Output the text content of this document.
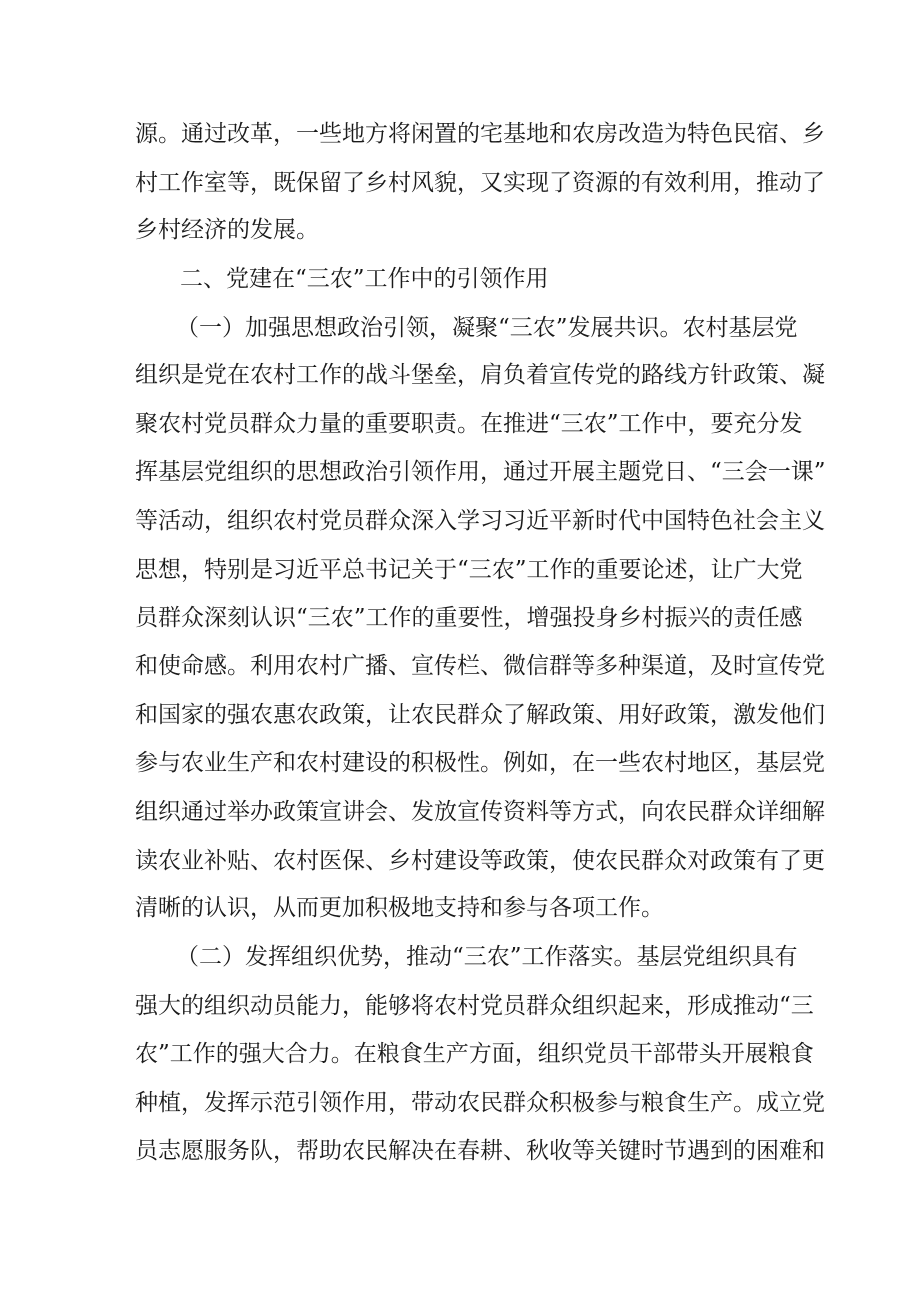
源。通过改革，一些地方将闲置的宅基地和农房改造为特色民宿、乡
村工作室等，既保留了乡村风貌，又实现了资源的有效利用，推动了
乡村经济的发展。
二、党建在“三农”工作中的引领作用
（一）加强思想政治引领，凝聚“三农”发展共识。农村基层党
组织是党在农村工作的战斗堡垒，肩负着宣传党的路线方针政策、凝
聚农村党员群众力量的重要职责。在推进“三农”工作中，要充分发
挥基层党组织的思想政治引领作用，通过开展主题党日、“三会一课”
等活动，组织农村党员群众深入学习习近平新时代中国特色社会主义
思想，特别是习近平总书记关于“三农”工作的重要论述，让广大党
员群众深刻认识“三农”工作的重要性，增强投身乡村振兴的责任感
和使命感。利用农村广播、宣传栏、微信群等多种渠道，及时宣传党
和国家的强农惠农政策，让农民群众了解政策、用好政策，激发他们
参与农业生产和农村建设的积极性。例如，在一些农村地区，基层党
组织通过举办政策宣讲会、发放宣传资料等方式，向农民群众详细解
读农业补贴、农村医保、乡村建设等政策，使农民群众对政策有了更
清晰的认识，从而更加积极地支持和参与各项工作。
（二）发挥组织优势，推动“三农”工作落实。基层党组织具有
强大的组织动员能力，能够将农村党员群众组织起来，形成推动“三
农”工作的强大合力。在粮食生产方面，组织党员干部带头开展粮食
种植，发挥示范引领作用，带动农民群众积极参与粮食生产。成立党
员志愿服务队，帮助农民解决在春耕、秋收等关键时节遇到的困难和
